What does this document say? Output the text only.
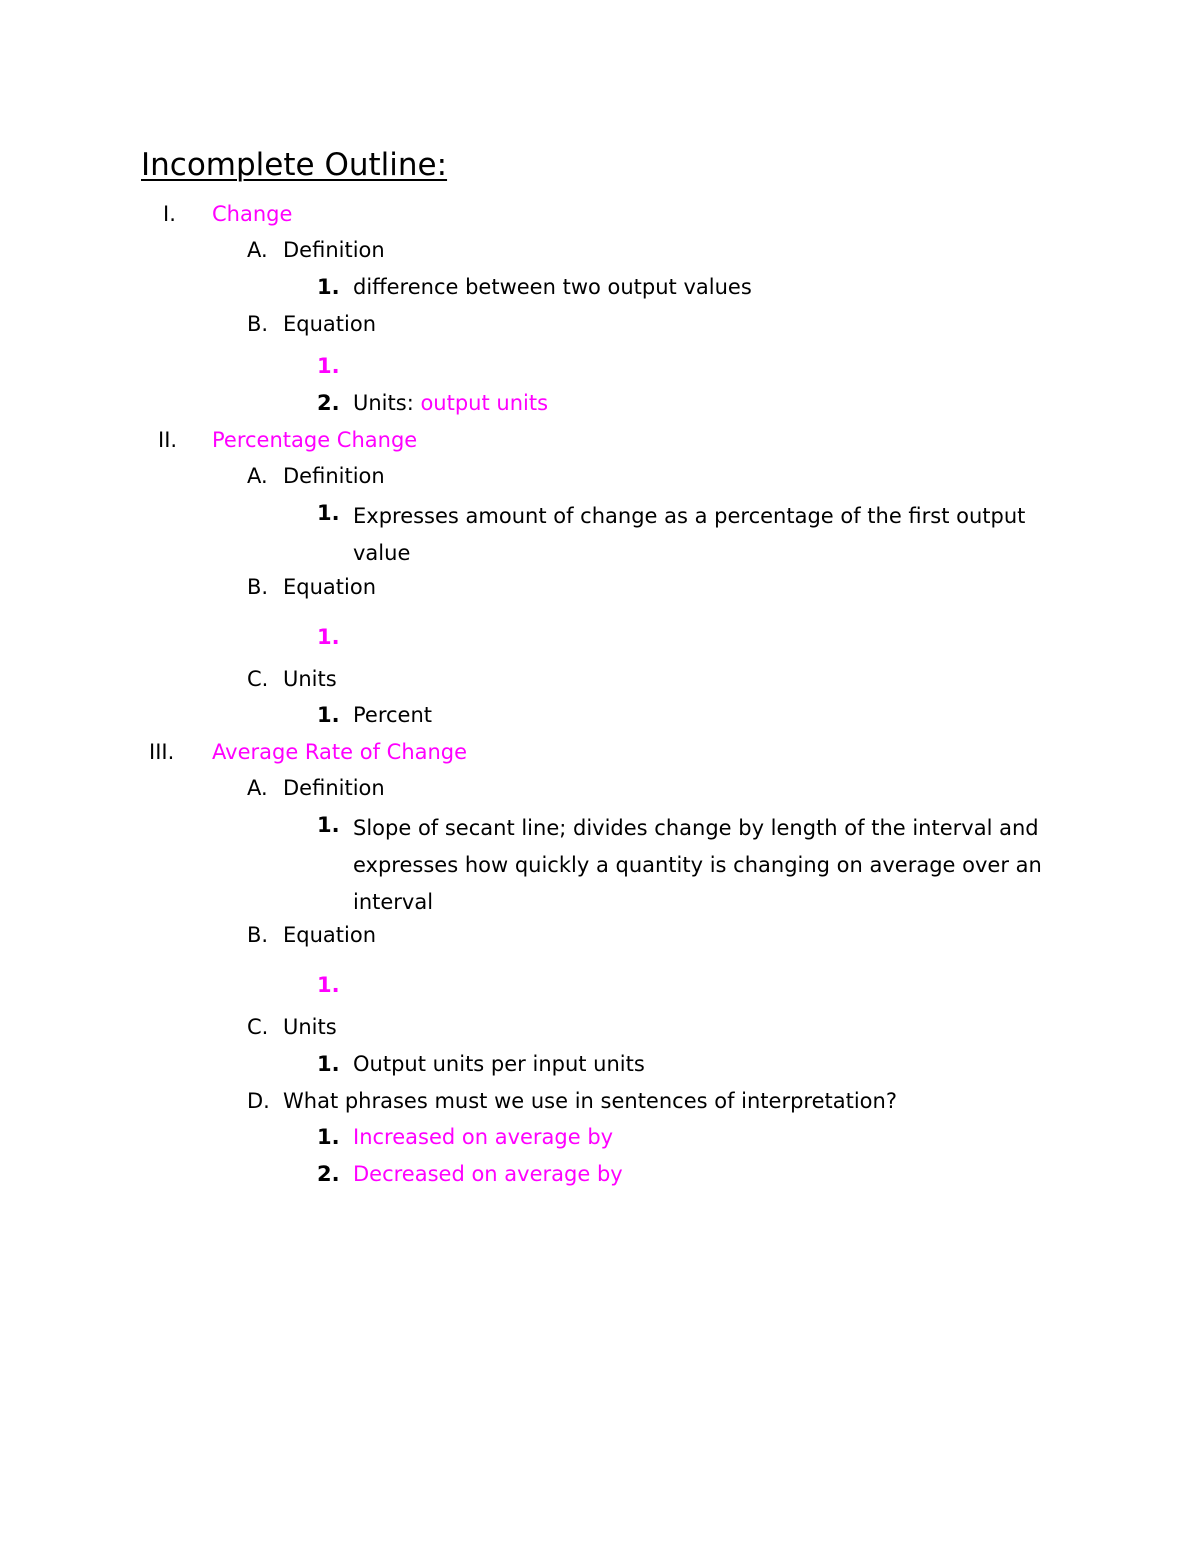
Incomplete Outline:
I. Change
A. Definition
1. difference between two output values
B. Equation
1.
2. Units: output units
II. Percentage Change
A. Definition
1. Expresses amount of change as a percentage of the first output value
B. Equation
1.
C. Units
1. Percent
III. Average Rate of Change
A. Definition
1. Slope of secant line; divides change by length of the interval and expresses how quickly a quantity is changing on average over an interval
B. Equation
1.
C. Units
1. Output units per input units
D. What phrases must we use in sentences of interpretation?
1. Increased on average by
2. Decreased on average by
